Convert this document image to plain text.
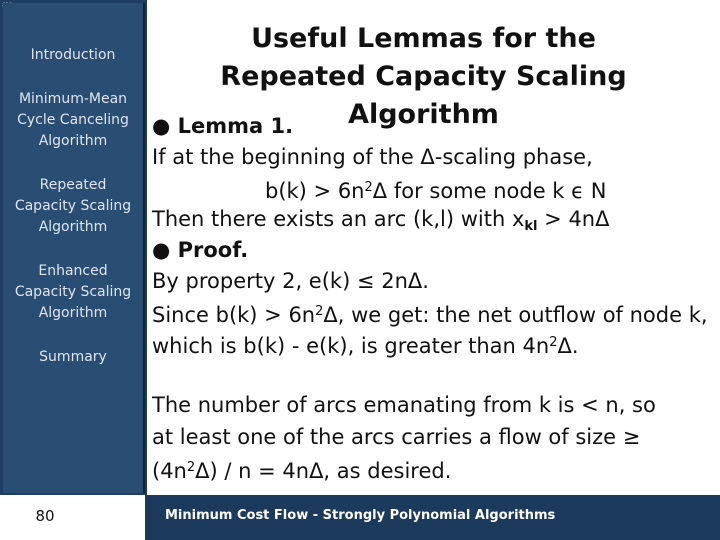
Introduction
Minimum-Mean
Cycle Canceling
Algorithm
Repeated
Capacity Scaling
Algorithm
Enhanced
Capacity Scaling
Algorithm
Summary
Useful Lemmas for the
Repeated Capacity Scaling Algorithm
● Lemma 1.
If at the beginning of the Δ-scaling phase,
$b(k) > 6n^2\Delta$ for some node k ϵ N
Then there exists an arc (k,l) with $x_{kl} > 4n\Delta$
● Proof.
By property 2, e(k) ≤ 2nΔ.
Since $b(k) > 6n^2\Delta$, we get: the net outflow of node k,
which is b(k) - e(k), is greater than $4n^2\Delta$.
The number of arcs emanating from k is < n, so
at least one of the arcs carries a flow of size ≥
$(4n^2\Delta) / n = 4n\Delta$, as desired.
80	Minimum Cost Flow - Strongly Polynomial Algorithms
